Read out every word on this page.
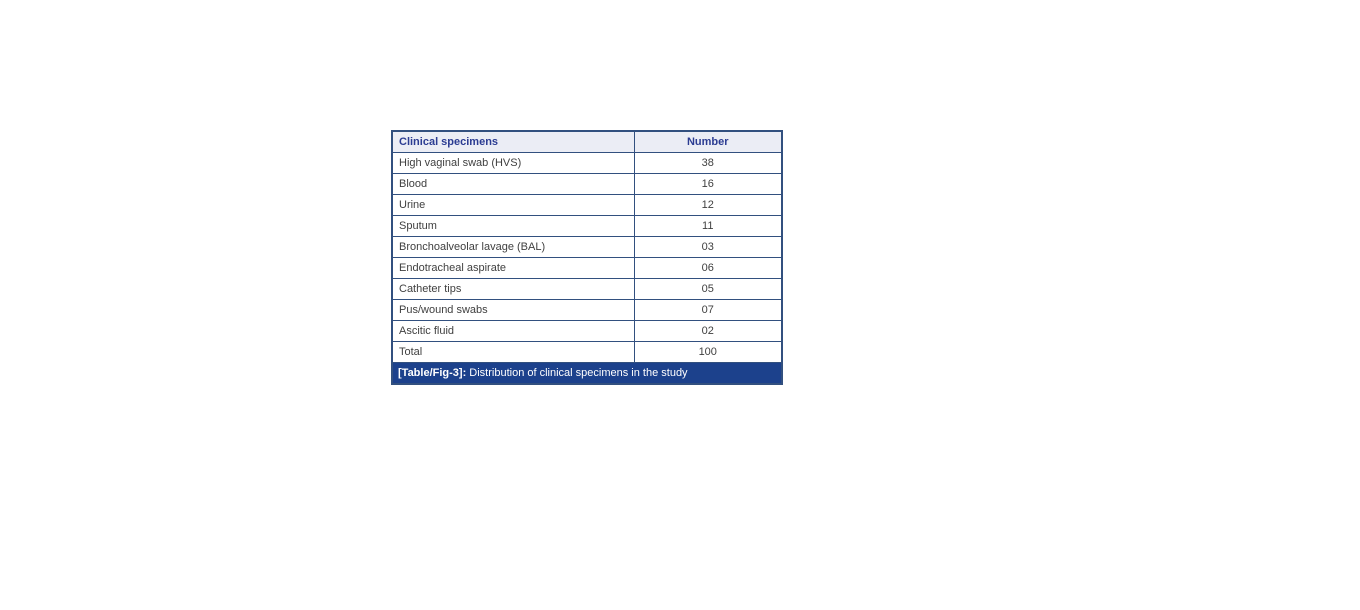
Clinical specimens	Number
High vaginal swab (HVS)	38
Blood	16
Urine	12
Sputum	11
Bronchoalveolar lavage (BAL)	03
Endotracheal aspirate	06
Catheter tips	05
Pus/wound swabs	07
Ascitic fluid	02
Total	100
[Table/Fig-3]: Distribution of clinical specimens in the study	
